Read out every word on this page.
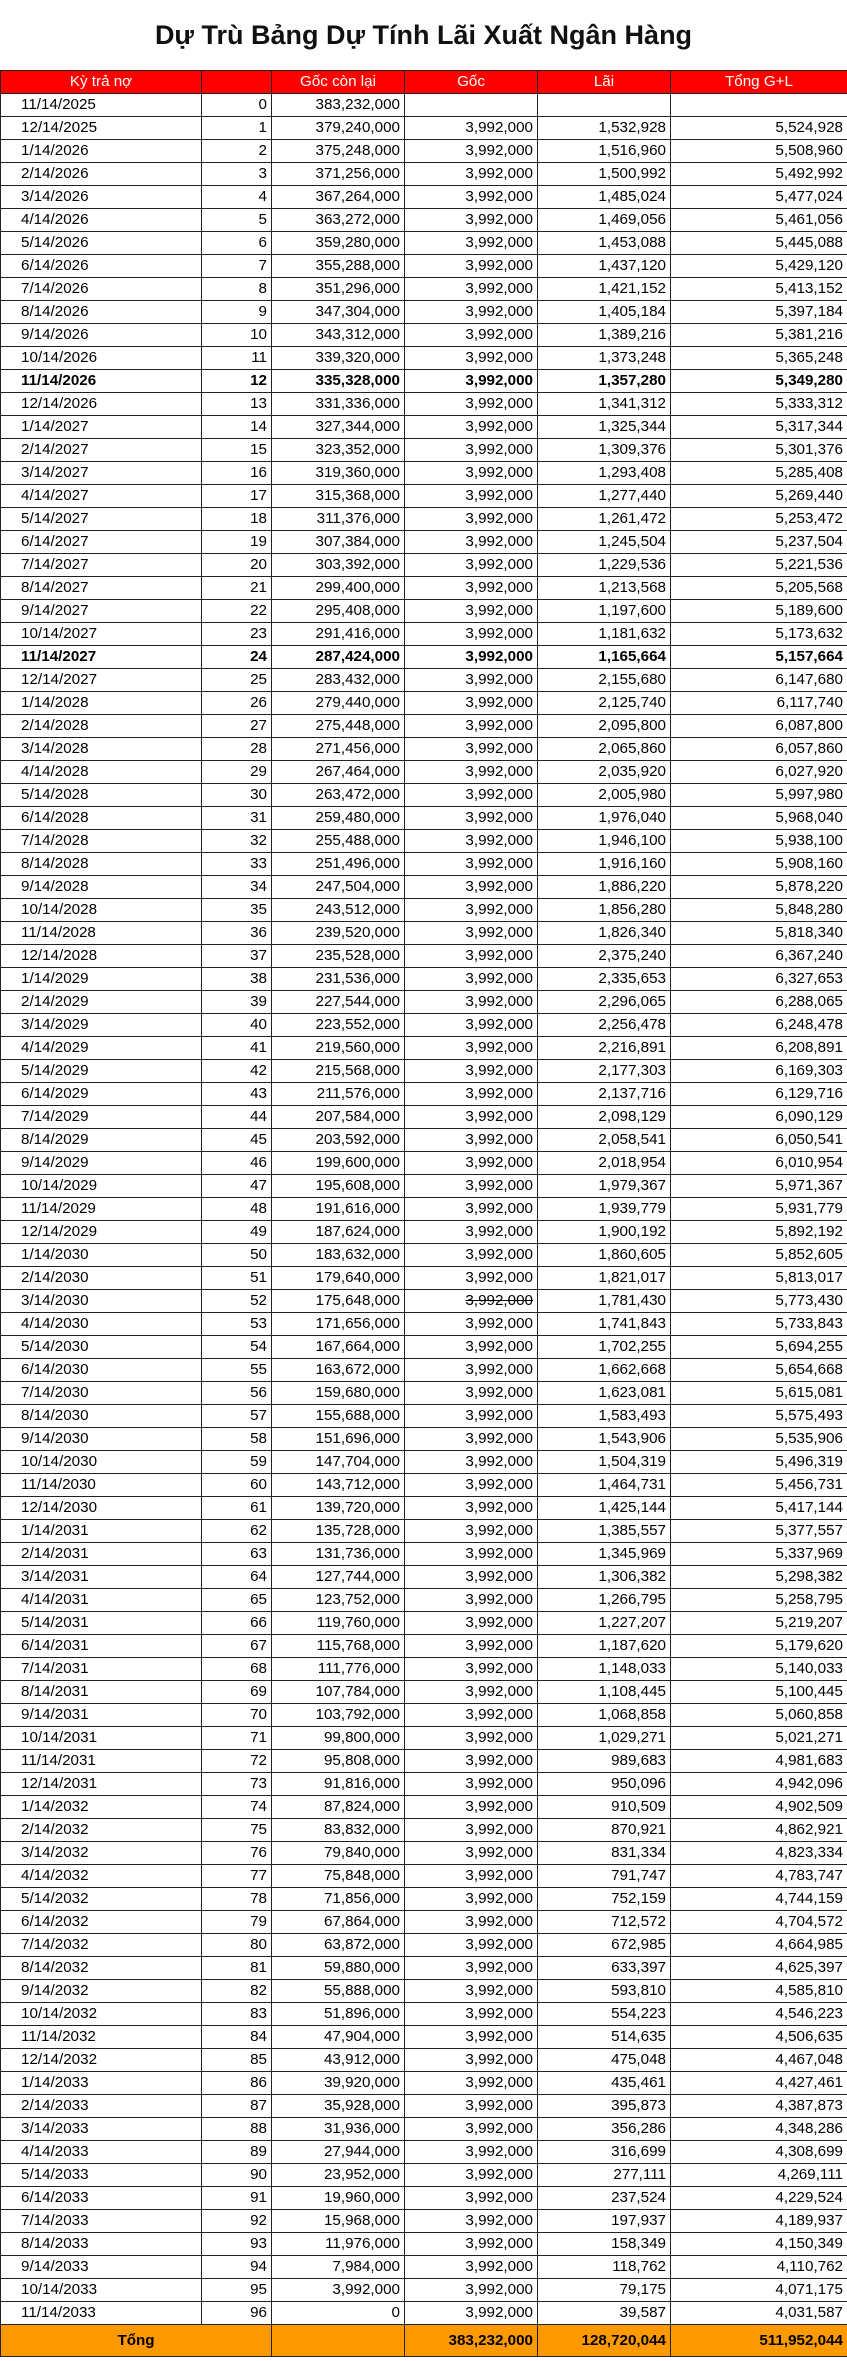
Dự Trù Bảng Dự Tính Lãi Xuất Ngân Hàng
Kỳ trả nợ		Gốc còn lại	Gốc	Lãi	Tổng G+L
11/14/2025	0	383,232,000			
12/14/2025	1	379,240,000	3,992,000	1,532,928	5,524,928
1/14/2026	2	375,248,000	3,992,000	1,516,960	5,508,960
2/14/2026	3	371,256,000	3,992,000	1,500,992	5,492,992
3/14/2026	4	367,264,000	3,992,000	1,485,024	5,477,024
4/14/2026	5	363,272,000	3,992,000	1,469,056	5,461,056
5/14/2026	6	359,280,000	3,992,000	1,453,088	5,445,088
6/14/2026	7	355,288,000	3,992,000	1,437,120	5,429,120
7/14/2026	8	351,296,000	3,992,000	1,421,152	5,413,152
8/14/2026	9	347,304,000	3,992,000	1,405,184	5,397,184
9/14/2026	10	343,312,000	3,992,000	1,389,216	5,381,216
10/14/2026	11	339,320,000	3,992,000	1,373,248	5,365,248
11/14/2026	12	335,328,000	3,992,000	1,357,280	5,349,280
12/14/2026	13	331,336,000	3,992,000	1,341,312	5,333,312
1/14/2027	14	327,344,000	3,992,000	1,325,344	5,317,344
2/14/2027	15	323,352,000	3,992,000	1,309,376	5,301,376
3/14/2027	16	319,360,000	3,992,000	1,293,408	5,285,408
4/14/2027	17	315,368,000	3,992,000	1,277,440	5,269,440
5/14/2027	18	311,376,000	3,992,000	1,261,472	5,253,472
6/14/2027	19	307,384,000	3,992,000	1,245,504	5,237,504
7/14/2027	20	303,392,000	3,992,000	1,229,536	5,221,536
8/14/2027	21	299,400,000	3,992,000	1,213,568	5,205,568
9/14/2027	22	295,408,000	3,992,000	1,197,600	5,189,600
10/14/2027	23	291,416,000	3,992,000	1,181,632	5,173,632
11/14/2027	24	287,424,000	3,992,000	1,165,664	5,157,664
12/14/2027	25	283,432,000	3,992,000	2,155,680	6,147,680
1/14/2028	26	279,440,000	3,992,000	2,125,740	6,117,740
2/14/2028	27	275,448,000	3,992,000	2,095,800	6,087,800
3/14/2028	28	271,456,000	3,992,000	2,065,860	6,057,860
4/14/2028	29	267,464,000	3,992,000	2,035,920	6,027,920
5/14/2028	30	263,472,000	3,992,000	2,005,980	5,997,980
6/14/2028	31	259,480,000	3,992,000	1,976,040	5,968,040
7/14/2028	32	255,488,000	3,992,000	1,946,100	5,938,100
8/14/2028	33	251,496,000	3,992,000	1,916,160	5,908,160
9/14/2028	34	247,504,000	3,992,000	1,886,220	5,878,220
10/14/2028	35	243,512,000	3,992,000	1,856,280	5,848,280
11/14/2028	36	239,520,000	3,992,000	1,826,340	5,818,340
12/14/2028	37	235,528,000	3,992,000	2,375,240	6,367,240
1/14/2029	38	231,536,000	3,992,000	2,335,653	6,327,653
2/14/2029	39	227,544,000	3,992,000	2,296,065	6,288,065
3/14/2029	40	223,552,000	3,992,000	2,256,478	6,248,478
4/14/2029	41	219,560,000	3,992,000	2,216,891	6,208,891
5/14/2029	42	215,568,000	3,992,000	2,177,303	6,169,303
6/14/2029	43	211,576,000	3,992,000	2,137,716	6,129,716
7/14/2029	44	207,584,000	3,992,000	2,098,129	6,090,129
8/14/2029	45	203,592,000	3,992,000	2,058,541	6,050,541
9/14/2029	46	199,600,000	3,992,000	2,018,954	6,010,954
10/14/2029	47	195,608,000	3,992,000	1,979,367	5,971,367
11/14/2029	48	191,616,000	3,992,000	1,939,779	5,931,779
12/14/2029	49	187,624,000	3,992,000	1,900,192	5,892,192
1/14/2030	50	183,632,000	3,992,000	1,860,605	5,852,605
2/14/2030	51	179,640,000	3,992,000	1,821,017	5,813,017
3/14/2030	52	175,648,000	3,992,000	1,781,430	5,773,430
4/14/2030	53	171,656,000	3,992,000	1,741,843	5,733,843
5/14/2030	54	167,664,000	3,992,000	1,702,255	5,694,255
6/14/2030	55	163,672,000	3,992,000	1,662,668	5,654,668
7/14/2030	56	159,680,000	3,992,000	1,623,081	5,615,081
8/14/2030	57	155,688,000	3,992,000	1,583,493	5,575,493
9/14/2030	58	151,696,000	3,992,000	1,543,906	5,535,906
10/14/2030	59	147,704,000	3,992,000	1,504,319	5,496,319
11/14/2030	60	143,712,000	3,992,000	1,464,731	5,456,731
12/14/2030	61	139,720,000	3,992,000	1,425,144	5,417,144
1/14/2031	62	135,728,000	3,992,000	1,385,557	5,377,557
2/14/2031	63	131,736,000	3,992,000	1,345,969	5,337,969
3/14/2031	64	127,744,000	3,992,000	1,306,382	5,298,382
4/14/2031	65	123,752,000	3,992,000	1,266,795	5,258,795
5/14/2031	66	119,760,000	3,992,000	1,227,207	5,219,207
6/14/2031	67	115,768,000	3,992,000	1,187,620	5,179,620
7/14/2031	68	111,776,000	3,992,000	1,148,033	5,140,033
8/14/2031	69	107,784,000	3,992,000	1,108,445	5,100,445
9/14/2031	70	103,792,000	3,992,000	1,068,858	5,060,858
10/14/2031	71	99,800,000	3,992,000	1,029,271	5,021,271
11/14/2031	72	95,808,000	3,992,000	989,683	4,981,683
12/14/2031	73	91,816,000	3,992,000	950,096	4,942,096
1/14/2032	74	87,824,000	3,992,000	910,509	4,902,509
2/14/2032	75	83,832,000	3,992,000	870,921	4,862,921
3/14/2032	76	79,840,000	3,992,000	831,334	4,823,334
4/14/2032	77	75,848,000	3,992,000	791,747	4,783,747
5/14/2032	78	71,856,000	3,992,000	752,159	4,744,159
6/14/2032	79	67,864,000	3,992,000	712,572	4,704,572
7/14/2032	80	63,872,000	3,992,000	672,985	4,664,985
8/14/2032	81	59,880,000	3,992,000	633,397	4,625,397
9/14/2032	82	55,888,000	3,992,000	593,810	4,585,810
10/14/2032	83	51,896,000	3,992,000	554,223	4,546,223
11/14/2032	84	47,904,000	3,992,000	514,635	4,506,635
12/14/2032	85	43,912,000	3,992,000	475,048	4,467,048
1/14/2033	86	39,920,000	3,992,000	435,461	4,427,461
2/14/2033	87	35,928,000	3,992,000	395,873	4,387,873
3/14/2033	88	31,936,000	3,992,000	356,286	4,348,286
4/14/2033	89	27,944,000	3,992,000	316,699	4,308,699
5/14/2033	90	23,952,000	3,992,000	277,111	4,269,111
6/14/2033	91	19,960,000	3,992,000	237,524	4,229,524
7/14/2033	92	15,968,000	3,992,000	197,937	4,189,937
8/14/2033	93	11,976,000	3,992,000	158,349	4,150,349
9/14/2033	94	7,984,000	3,992,000	118,762	4,110,762
10/14/2033	95	3,992,000	3,992,000	79,175	4,071,175
11/14/2033	96	0	3,992,000	39,587	4,031,587
Tổng			383,232,000	128,720,044	511,952,044
